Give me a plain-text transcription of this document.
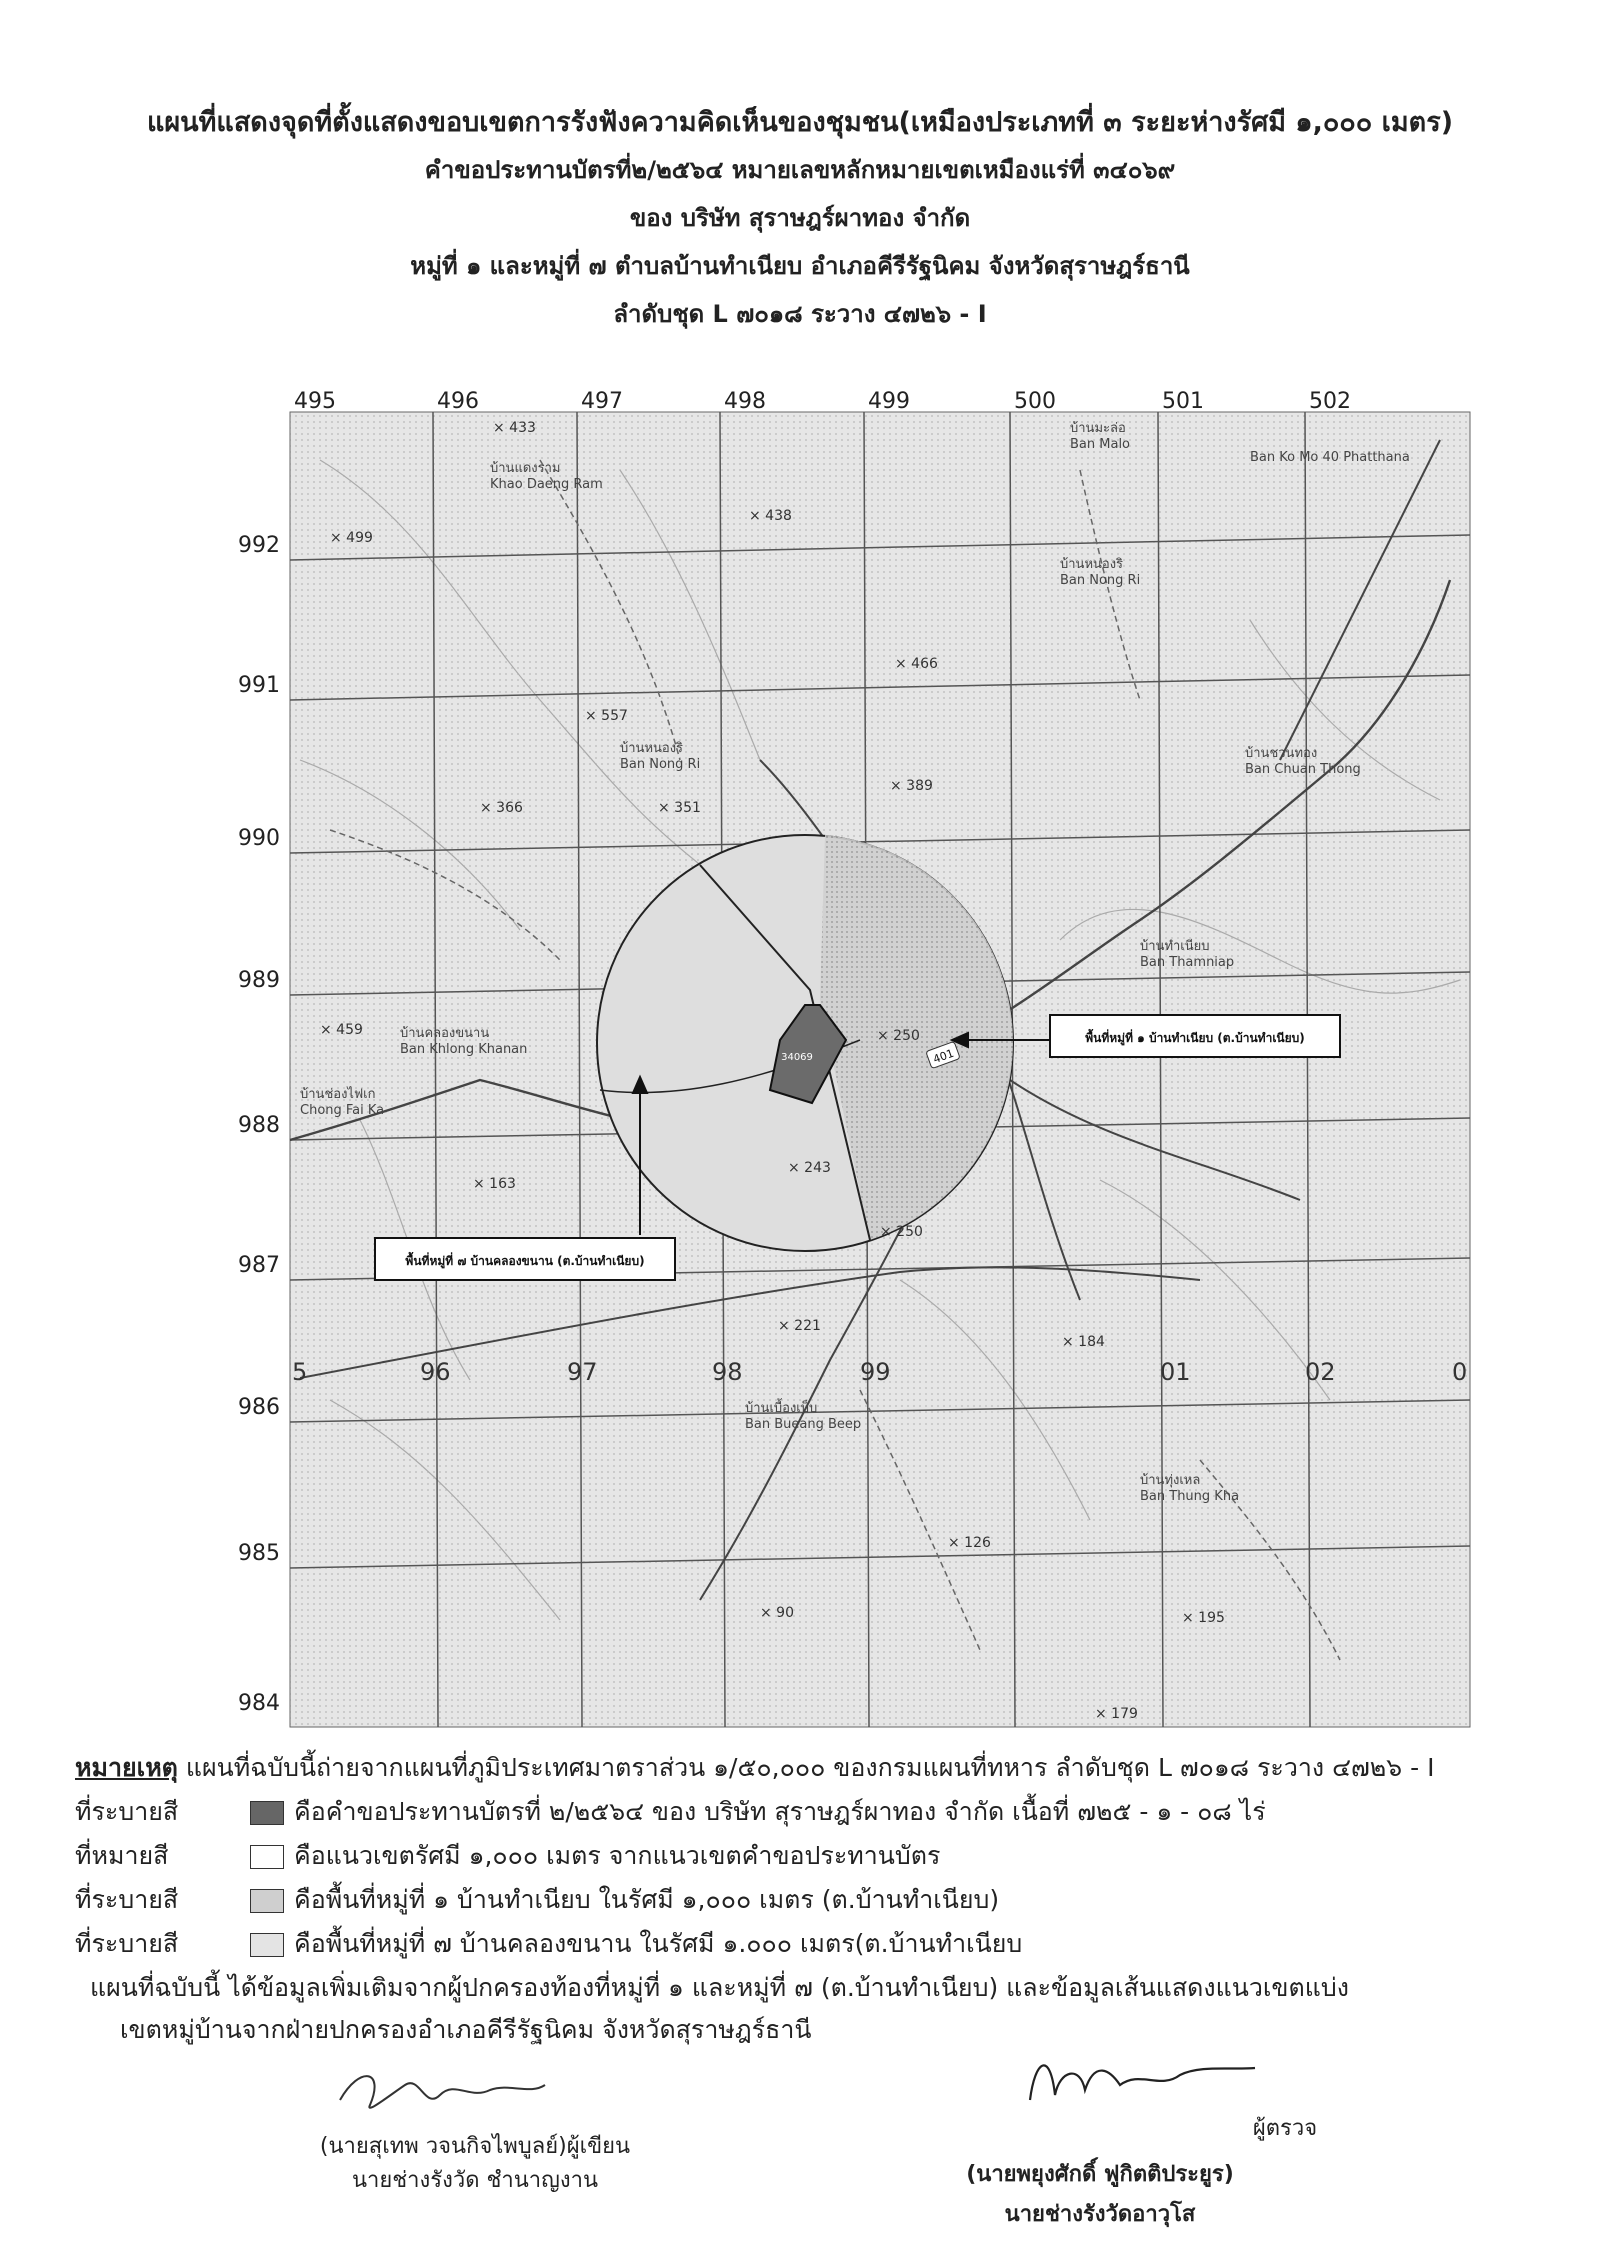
แผนที่แสดงจุดที่ตั้งแสดงขอบเขตการรังฟังความคิดเห็นของชุมชน(เหมืองประเภทที่ ๓ ระยะห่างรัศมี ๑,๐๐๐ เมตร)
คำขอประทานบัตรที่๒/๒๕๖๔ หมายเลขหลักหมายเขตเหมืองแร่ที่ ๓๔๐๖๙
ของ บริษัท สุราษฎร์ผาทอง จำกัด
หมู่ที่ ๑ และหมู่ที่ ๗ ตำบลบ้านทำเนียบ อำเภอคีรีรัฐนิคม จังหวัดสุราษฎร์ธานี
ลำดับชุด L ๗๐๑๘ ระวาง ๔๗๒๖ - I
พื้นที่หมู่ที่ ๑ บ้านทำเนียบ (ต.บ้านทำเนียบ)
พื้นที่หมู่ที่ ๗ บ้านคลองขนาน (ต.บ้านทำเนียบ)
495	496	497	498	499	500	501	502
992
991
990
989
988
987
986
985
984
5	96	97	98	99	01	02	0
บ้านแดงราม
Khao Daeng Ram
บ้านหนองริ
Ban Nong Ri
บ้านหนองริ
Ban Nong Ri
บ้านมะล่อ
Ban Malo
บ้านชวนทอง
Ban Chuan Thong
บ้านทำเนียบ
Ban Thamniap
บ้านคลองขนาน
Ban Khlong Khanan
บ้านช่องไฟเก
Chong Fai Ka
บ้านเบื้องเบ็บ
Ban Bueang Beep
บ้านทุ่งเหล
Ban Thung Kha
Ban Ko Mo 40 Phatthana
× 433
× 438
× 499
× 466
× 557
× 389
× 366	× 351
× 459	× 250
× 163
× 243
× 250
× 221
× 184
× 126
× 90	× 195
× 179
401
34069
หมายเหตุ แผนที่ฉบับนี้ถ่ายจากแผนที่ภูมิประเทศมาตราส่วน ๑/๕๐,๐๐๐ ของกรมแผนที่ทหาร ลำดับชุด L ๗๐๑๘ ระวาง ๔๗๒๖ - I
ที่ระบายสี	คือคำขอประทานบัตรที่ ๒/๒๕๖๔ ของ บริษัท สุราษฎร์ผาทอง จำกัด เนื้อที่ ๗๒๕ - ๑ - ๐๘ ไร่
ที่หมายสี	คือแนวเขตรัศมี ๑,๐๐๐ เมตร จากแนวเขตคำขอประทานบัตร
ที่ระบายสี	คือพื้นที่หมู่ที่ ๑ บ้านทำเนียบ ในรัศมี ๑,๐๐๐ เมตร (ต.บ้านทำเนียบ)
ที่ระบายสี	คือพื้นที่หมู่ที่ ๗ บ้านคลองขนาน ในรัศมี ๑.๐๐๐ เมตร(ต.บ้านทำเนียบ
แผนที่ฉบับนี้ ได้ข้อมูลเพิ่มเติมจากผู้ปกครองท้องที่หมู่ที่ ๑ และหมู่ที่ ๗ (ต.บ้านทำเนียบ) และข้อมูลเส้นแสดงแนวเขตแบ่ง
เขตหมู่บ้านจากฝ่ายปกครองอำเภอคีรีรัฐนิคม จังหวัดสุราษฎร์ธานี
(นายสุเทพ วจนกิจไพบูลย์)ผู้เขียน
นายช่างรังวัด ชำนาญงาน
ผู้ตรวจ
(นายพยุงศักดิ์ ฟูกิตติประยูร)
นายช่างรังวัดอาวุโส
